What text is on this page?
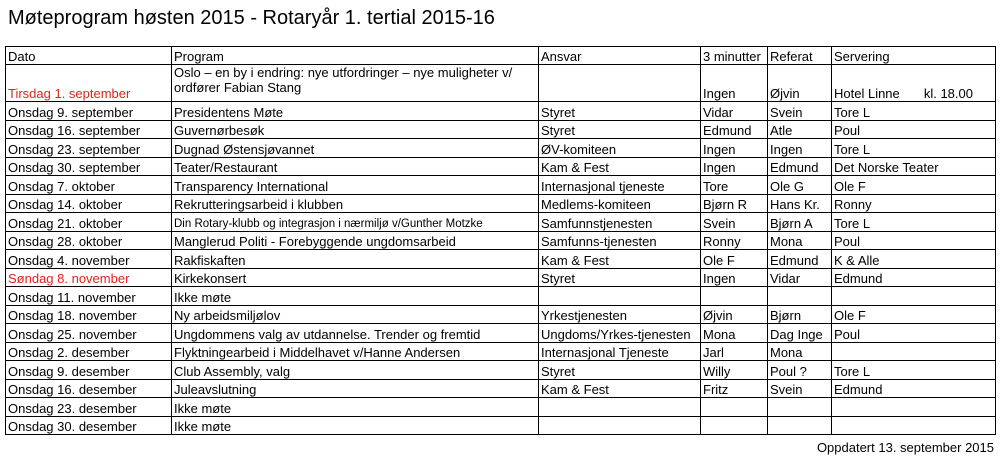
Møteprogram høsten 2015 - Rotaryår 1. tertial 2015-16
Dato	Program	Ansvar	3 minutter	Referat	Servering
Tirsdag 1. september	Oslo – en by i endring: nye utfordringer – nye muligheter v/ ordfører Fabian Stang		Ingen	Øjvin	Hotel Linne kl. 18.00

Onsdag 9. september	Presidentens Møte	Styret	Vidar	Svein	Tore L
Onsdag 16. september	Guvernørbesøk	Styret	Edmund	Atle	Poul
Onsdag 23. september	Dugnad Østensjøvannet	ØV-komiteen	Ingen	Ingen	Tore L
Onsdag 30. september	Teater/Restaurant	Kam & Fest	Ingen	Edmund	Det Norske Teater
Onsdag 7. oktober	Transparency International	Internasjonal tjeneste	Tore	Ole G	Ole F
Onsdag 14. oktober	Rekrutteringsarbeid i klubben	Medlems-komiteen	Bjørn R	Hans Kr.	Ronny
Onsdag 21. oktober	Din Rotary-klubb og integrasjon i nærmiljø v/Gunther Motzke	Samfunnstjenesten	Svein	Bjørn A	Tore L
Onsdag 28. oktober	Manglerud Politi - Forebyggende ungdomsarbeid	Samfunns-tjenesten	Ronny	Mona	Poul
Onsdag 4. november	Rakfiskaften	Kam & Fest	Ole F	Edmund	K & Alle
Søndag 8. november	Kirkekonsert	Styret	Ingen	Vidar	Edmund
Onsdag 11. november	Ikke møte				
Onsdag 18. november	Ny arbeidsmiljølov	Yrkestjenesten	Øjvin	Bjørn	Ole F
Onsdag 25. november	Ungdommens valg av utdannelse. Trender og fremtid	Ungdoms/Yrkes-tjenesten	Mona	Dag Inge	Poul
Onsdag 2. desember	Flyktningearbeid i Middelhavet v/Hanne Andersen	Internasjonal Tjeneste	Jarl	Mona	
Onsdag 9. desember	Club Assembly, valg	Styret	Willy	Poul ?	Tore L
Onsdag 16. desember	Juleavslutning	Kam & Fest	Fritz	Svein	Edmund
Onsdag 23. desember	Ikke møte				
Onsdag 30. desember	Ikke møte				
Oppdatert 13. september 2015
